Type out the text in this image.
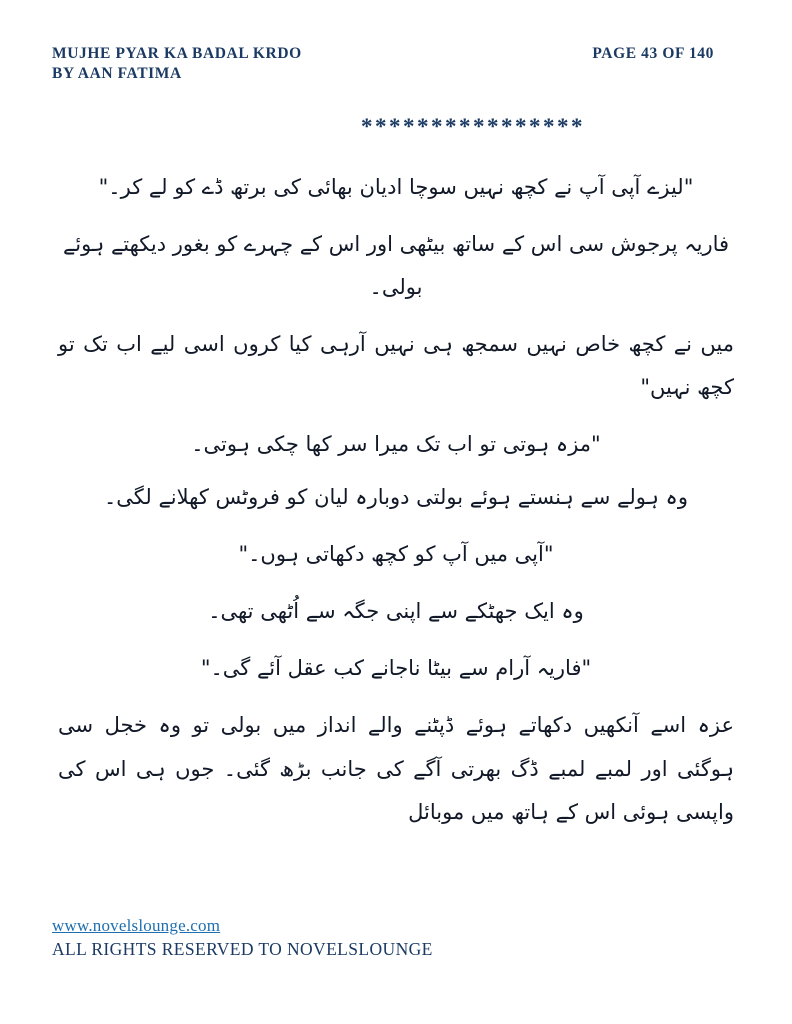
MUJHE PYAR KA BADAL KRDO
BY AAN FATIMA
PAGE 43 OF 140
****************

"لیزے آپی آپ نے کچھ نہیں سوچا ادیان بھائی کی برتھ ڈے کو لے کر۔"

فاریہ پرجوش سی اس کے ساتھ بیٹھی اور اس کے چہرے کو بغور دیکھتے ہوئے بولی۔

میں نے کچھ خاص نہیں سمجھ ہی نہیں آرہی کیا کروں اسی لیے اب تک تو کچھ نہیں"

"مزہ ہوتی تو اب تک میرا سر کھا چکی ہوتی۔

وہ ہولے سے ہنستے ہوئے بولتی دوبارہ لیان کو فروٹس کھلانے لگی۔

"آپی میں آپ کو کچھ دکھاتی ہوں۔"

وہ ایک جھٹکے سے اپنی جگہ سے اُٹھی تھی۔

"فاریہ آرام سے بیٹا ناجانے کب عقل آئے گی۔"

عزہ اسے آنکھیں دکھاتے ہوئے ڈپٹنے والے انداز میں بولی تو وہ خجل سی ہوگئی اور لمبے لمبے ڈگ بھرتی آگے کی جانب بڑھ گئی۔ جوں ہی اس کی واپسی ہوئی اس کے ہاتھ میں موبائل

www.novelslounge.com
ALL RIGHTS RESERVED TO NOVELSLOUNGE
